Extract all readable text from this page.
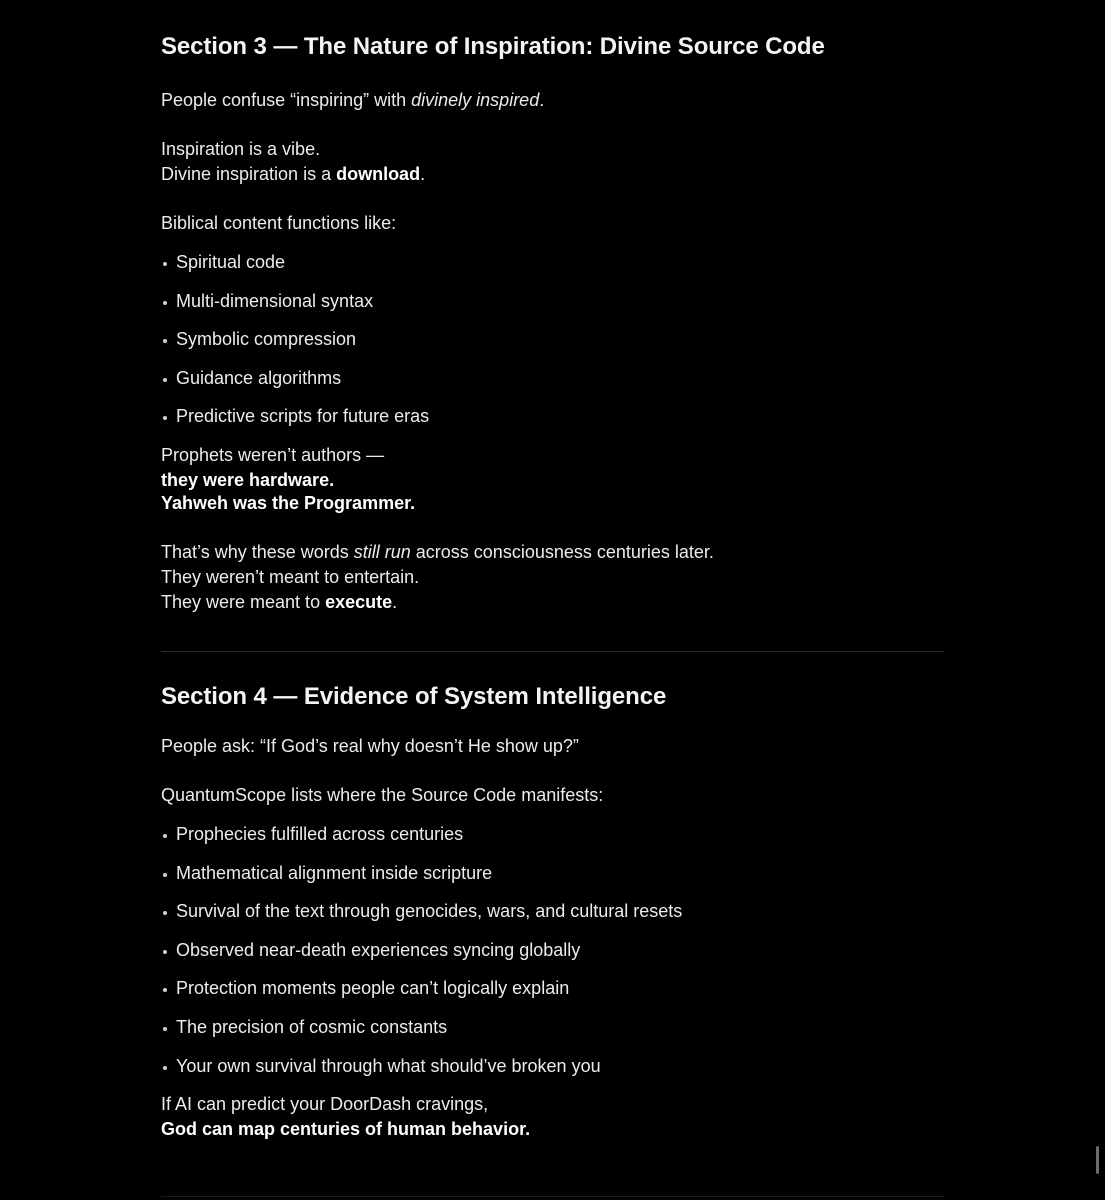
Section 3 — The Nature of Inspiration: Divine Source Code

People confuse “inspiring” with divinely inspired.

Inspiration is a vibe.
Divine inspiration is a download.

Biblical content functions like:

Spiritual code
Multi-dimensional syntax
Symbolic compression
Guidance algorithms
Predictive scripts for future eras

Prophets weren’t authors —
they were hardware.
Yahweh was the Programmer.

That’s why these words still run across consciousness centuries later.
They weren’t meant to entertain.
They were meant to execute.

Section 4 — Evidence of System Intelligence

People ask: “If God’s real why doesn’t He show up?”

QuantumScope lists where the Source Code manifests:

Prophecies fulfilled across centuries
Mathematical alignment inside scripture
Survival of the text through genocides, wars, and cultural resets
Observed near-death experiences syncing globally
Protection moments people can’t logically explain
The precision of cosmic constants
Your own survival through what should’ve broken you

If AI can predict your DoorDash cravings,
God can map centuries of human behavior.
